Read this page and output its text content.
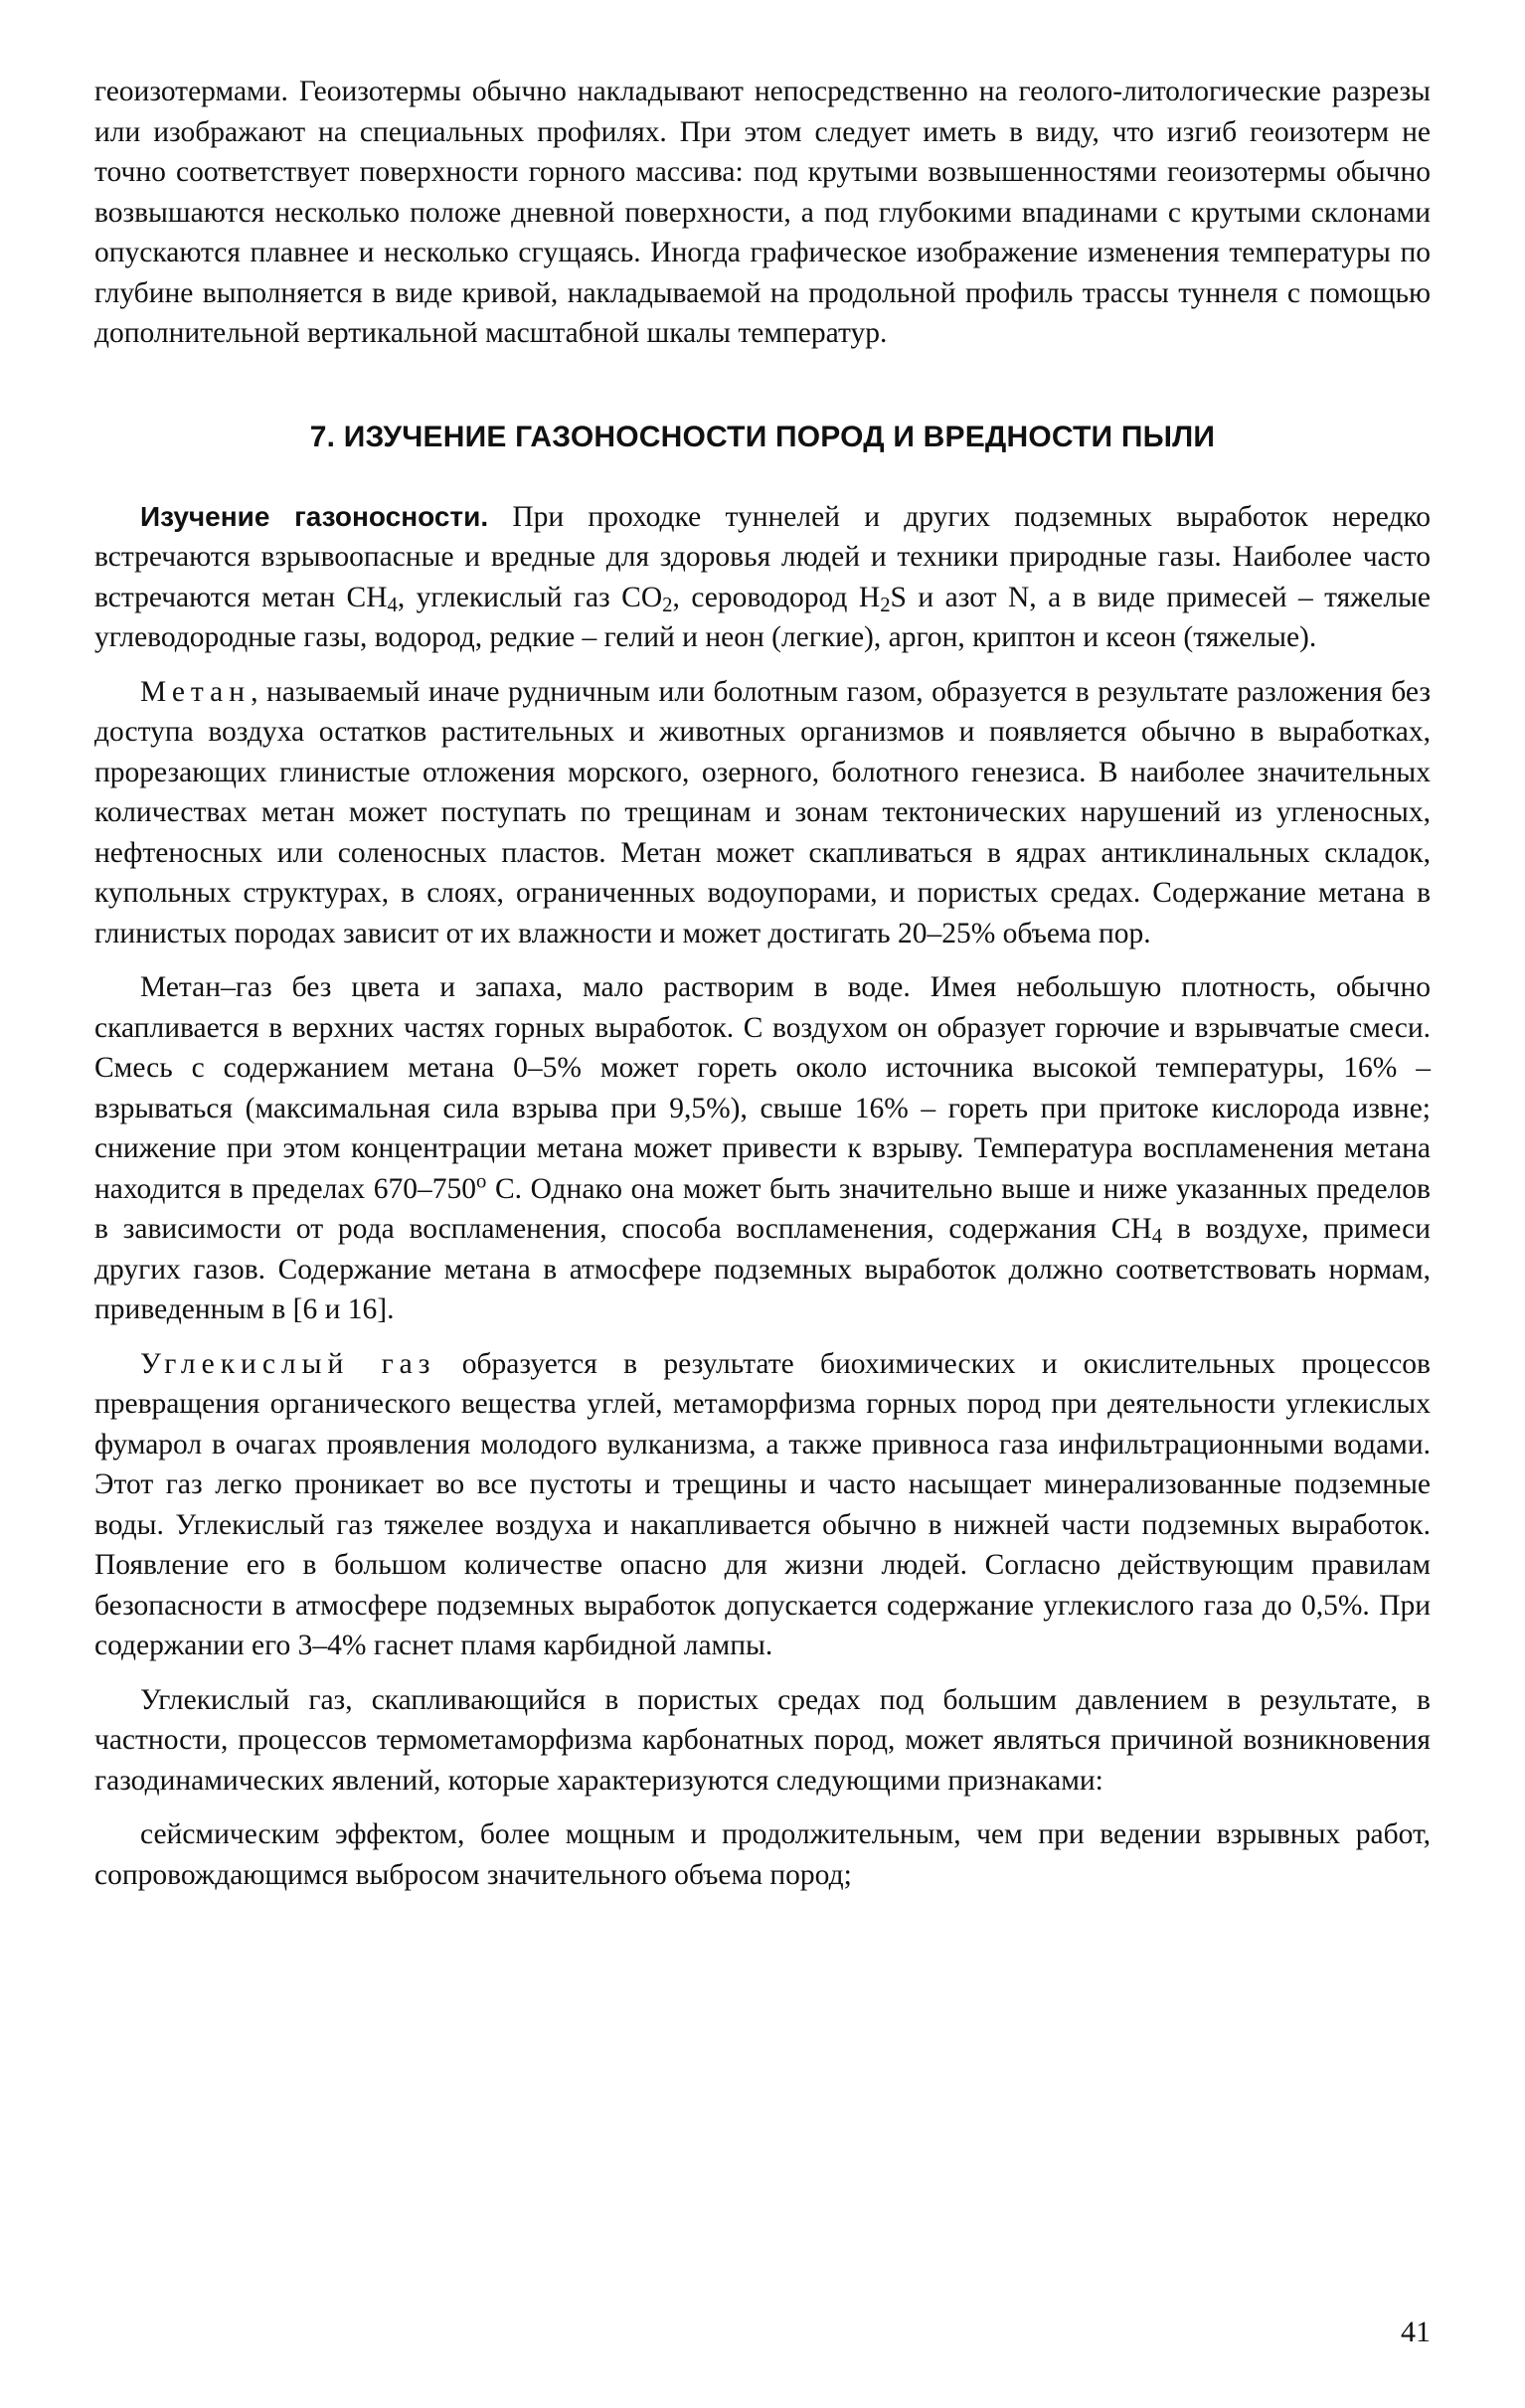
геоизотермами. Геоизотермы обычно накладывают непосредственно на геолого-литологические разрезы или изображают на специальных профилях. При этом следует иметь в виду, что изгиб геоизотерм не точно соответствует поверхности горного массива: под крутыми возвышенностями геоизотермы обычно возвышаются несколько положе дневной поверхности, а под глубокими впадинами с крутыми склонами опускаются плавнее и несколько сгущаясь. Иногда графическое изображение изменения температуры по глубине выполняется в виде кривой, накладываемой на продольной профиль трассы туннеля с помощью дополнительной вертикальной масштабной шкалы температур.

7. ИЗУЧЕНИЕ ГАЗОНОСНОСТИ ПОРОД И ВРЕДНОСТИ ПЫЛИ

Изучение газоносности. При проходке туннелей и других подземных выработок нередко встречаются взрывоопасные и вредные для здоровья людей и техники природные газы. Наиболее часто встречаются метан $CH_4$, углекислый газ $CO_2$, сероводород $H_2S$ и азот N, а в виде примесей – тяжелые углеводородные газы, водород, редкие – гелий и неон (легкие), аргон, криптон и ксеон (тяжелые).

Метан, называемый иначе рудничным или болотным газом, образуется в результате разложения без доступа воздуха остатков растительных и животных организмов и появляется обычно в выработках, прорезающих глинистые отложения морского, озерного, болотного генезиса. В наиболее значительных количествах метан может поступать по трещинам и зонам тектонических нарушений из угленосных, нефтеносных или соленосных пластов. Метан может скапливаться в ядрах антиклинальных складок, купольных структурах, в слоях, ограниченных водоупорами, и пористых средах. Содержание метана в глинистых породах зависит от их влажности и может достигать 20–25% объема пор.

Метан–газ без цвета и запаха, мало растворим в воде. Имея небольшую плотность, обычно скапливается в верхних частях горных выработок. С воздухом он образует горючие и взрывчатые смеси. Смесь с содержанием метана 0–5% может гореть около источника высокой температуры, 16% – взрываться (максимальная сила взрыва при 9,5%), свыше 16% – гореть при притоке кислорода извне; снижение при этом концентрации метана может привести к взрыву. Температура воспламенения метана находится в пределах $670-750^о$ С. Однако она может быть значительно выше и ниже указанных пределов в зависимости от рода воспламенения, способа воспламенения, содержания $CH_4$ в воздухе, примеси других газов. Содержание метана в атмосфере подземных выработок должно соответствовать нормам, приведенным в [6 и 16].

Углекислый газ образуется в результате биохимических и окислительных процессов превращения органического вещества углей, метаморфизма горных пород при деятельности углекислых фумарол в очагах проявления молодого вулканизма, а также привноса газа инфильтрационными водами. Этот газ легко проникает во все пустоты и трещины и часто насыщает минерализованные подземные воды. Углекислый газ тяжелее воздуха и накапливается обычно в нижней части подземных выработок. Появление его в большом количестве опасно для жизни людей. Согласно действующим правилам безопасности в атмосфере подземных выработок допускается содержание углекислого газа до 0,5%. При содержании его 3–4% гаснет пламя карбидной лампы.

Углекислый газ, скапливающийся в пористых средах под большим давлением в результате, в частности, процессов термометаморфизма карбонатных пород, может являться причиной возникновения газодинамических явлений, которые характеризуются следующими признаками:

сейсмическим эффектом, более мощным и продолжительным, чем при ведении взрывных работ, сопровождающимся выбросом значительного объема пород;

41
